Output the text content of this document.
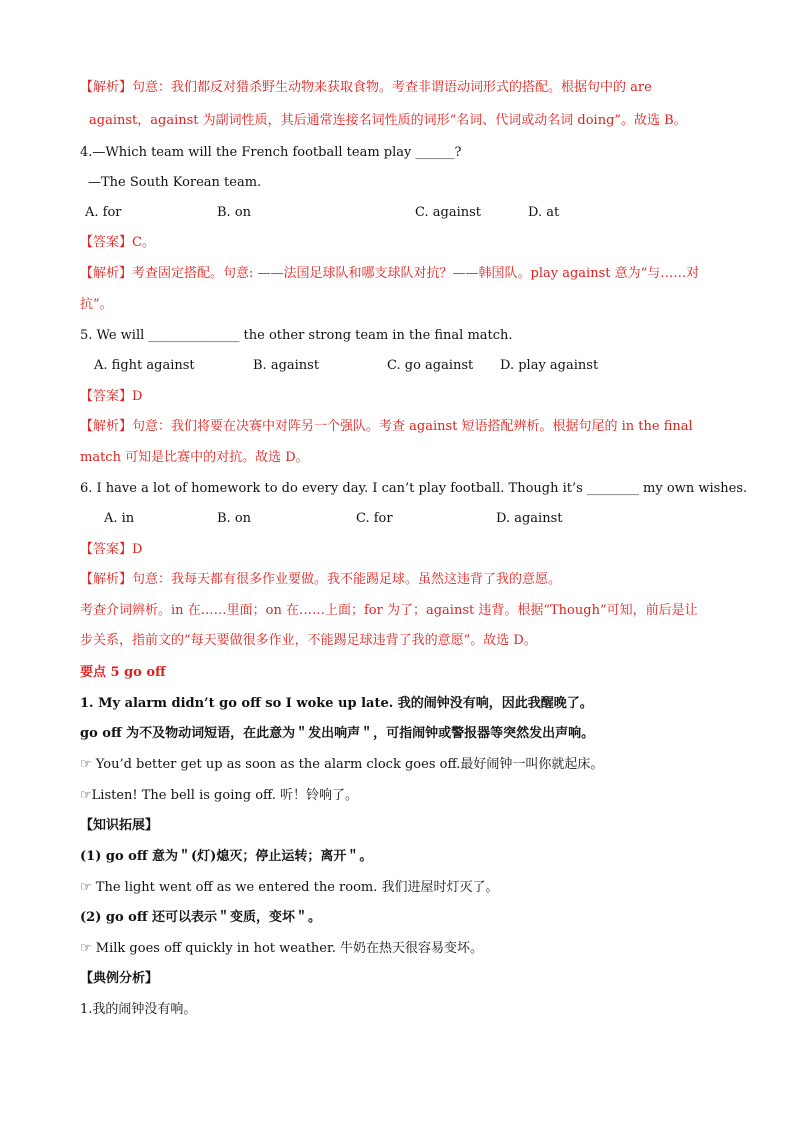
【解析】句意：我们都反对猎杀野生动物来获取食物。考查非谓语动词形式的搭配。根据句中的 are
against，against 为副词性质，其后通常连接名词性质的词形“名词、代词或动名词 doing”。故选 B。
4.—Which team will the French football team play ______?
—The South Korean team.
A. for	B. on	C. against	D. at
【答案】C。
【解析】考查固定搭配。句意: ——法国足球队和哪支球队对抗？——韩国队。play against 意为“与……对
抗”。
5. We will ______________ the other strong team in the final match.
A. fight against	B. against	C. go against D. play against
【答案】D
【解析】句意：我们将要在决赛中对阵另一个强队。考查 against 短语搭配辨析。根据句尾的 in the final
match 可知是比赛中的对抗。故选 D。
6. I have a lot of homework to do every day. I can’t play football. Though it’s ________ my own wishes.
A. in	B. on	C. for	D. against
【答案】D
【解析】句意：我每天都有很多作业要做。我不能踢足球。虽然这违背了我的意愿。
考查介词辨析。in 在……里面；on 在……上面；for 为了；against 违背。根据“Though”可知，前后是让
步关系，指前文的“每天要做很多作业，不能踢足球违背了我的意愿”。故选 D。
要点 5 go off
1. My alarm didn’t go off so I woke up late. 我的闹钟没有响，因此我醒晚了。
go off 为不及物动词短语，在此意为＂发出响声＂，可指闹钟或警报器等突然发出声响。
☞ You’d better get up as soon as the alarm clock goes off.最好闹钟一叫你就起床。
☞Listen! The bell is going off. 听！铃响了。
【知识拓展】
(1) go off 意为＂(灯)熄灭；停止运转；离开＂。
☞ The light went off as we entered the room. 我们进屋时灯灭了。
(2) go off 还可以表示＂变质，变坏＂。
☞ Milk goes off quickly in hot weather. 牛奶在热天很容易变坏。
【典例分析】
1.我的闹钟没有响。
